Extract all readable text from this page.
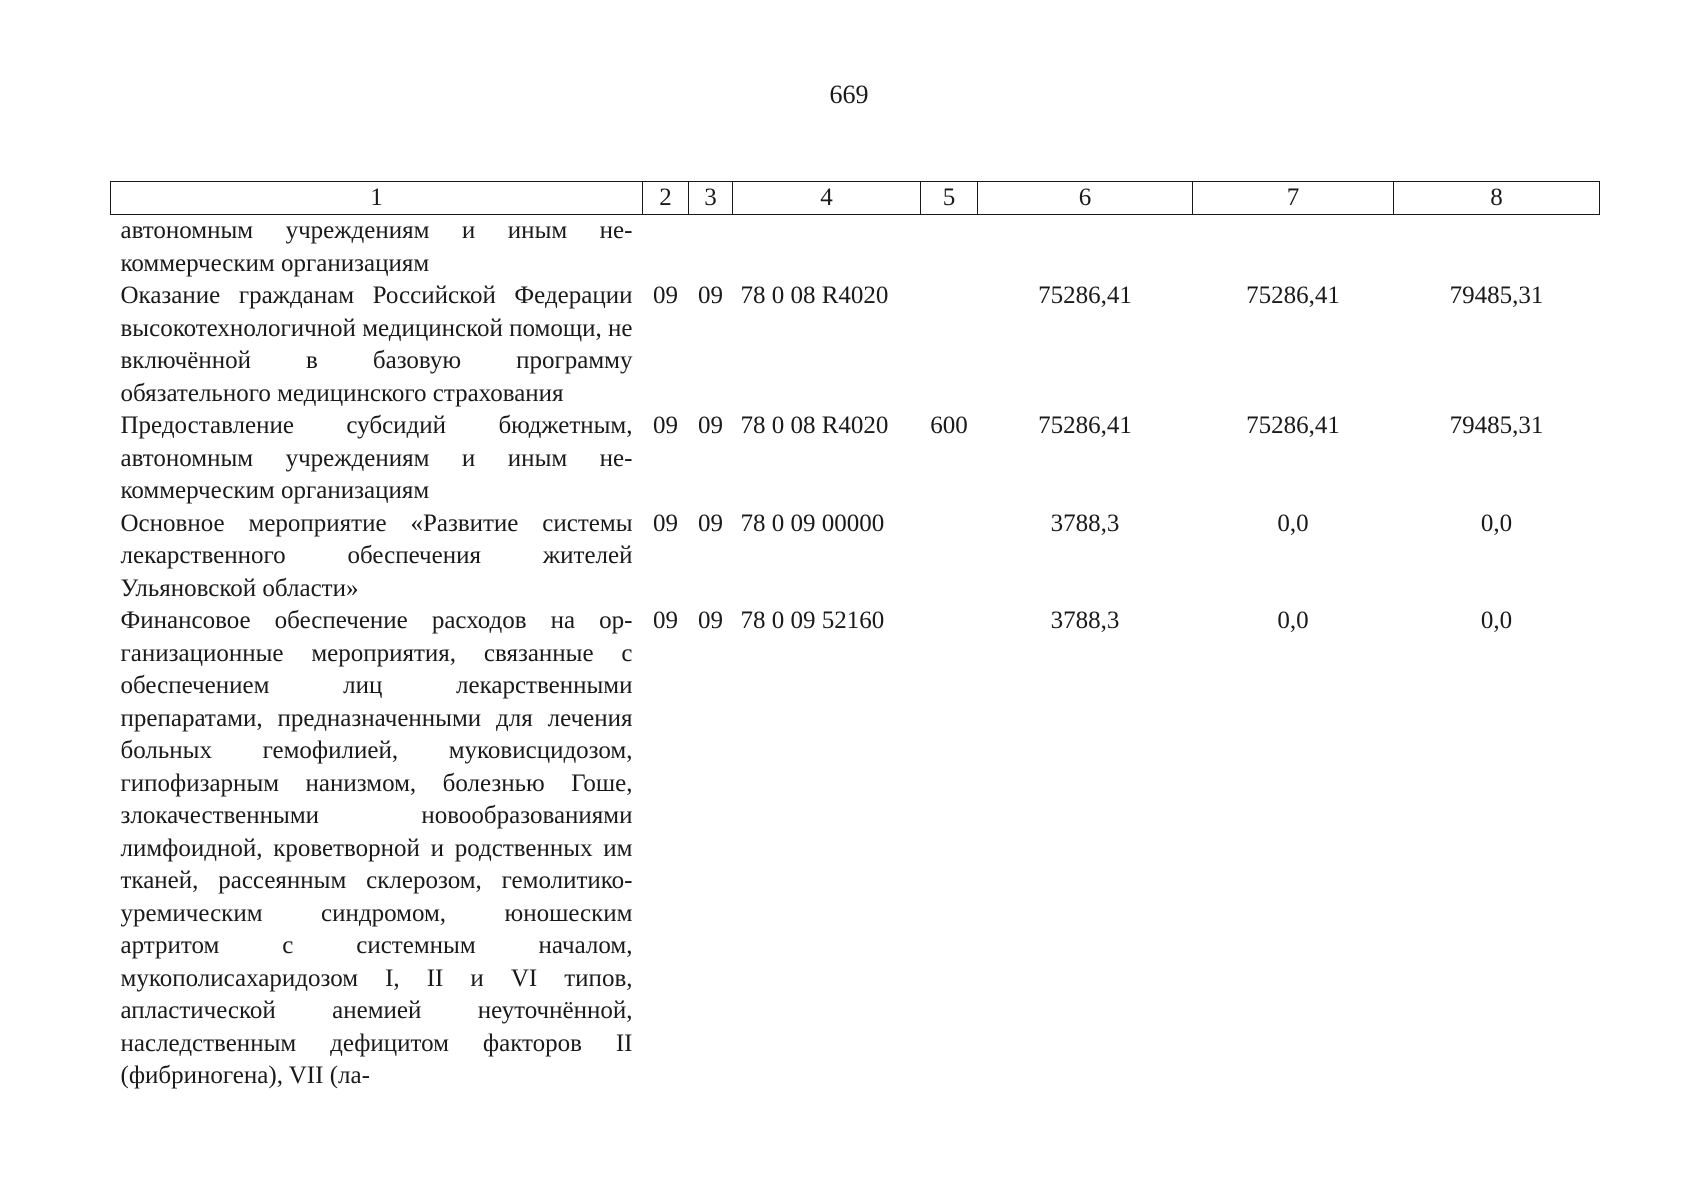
669
1	2	3	4	5	6	7	8
автономным учреждениям и иным некоммерческим организациям							
Оказание гражданам Российской Федерации высокотехнологичной медицинской помощи, не включённой в базовую программу обязательного медицинского страхования	09	09	78 0 08 R4020		75286,41	75286,41	79485,31
Предоставление субсидий бюджетным, автономным учреждениям и иным некоммерческим организациям	09	09	78 0 08 R4020	600	75286,41	75286,41	79485,31
Основное мероприятие «Развитие системы лекарственного обеспечения жителей Ульяновской области»	09	09	78 0 09 00000		3788,3	0,0	0,0
Финансовое обеспечение расходов на организационные мероприятия, связанные с обеспечением лиц лекарственными препаратами, предназначенными для лечения больных гемофилией, муковисцидозом, гипофизарным нанизмом, болезнью Гоше, злокачественными новообразованиями лимфоидной, кроветворной и родственных им тканей, рассеянным склерозом, гемолитико-уремическим синдромом, юношеским артритом с системным началом, мукополисахаридозом I, II и VI типов, апластической анемией неуточнённой, наследственным дефицитом факторов II (фибриногена), VII (ла-	09	09	78 0 09 52160		3788,3	0,0	0,0
